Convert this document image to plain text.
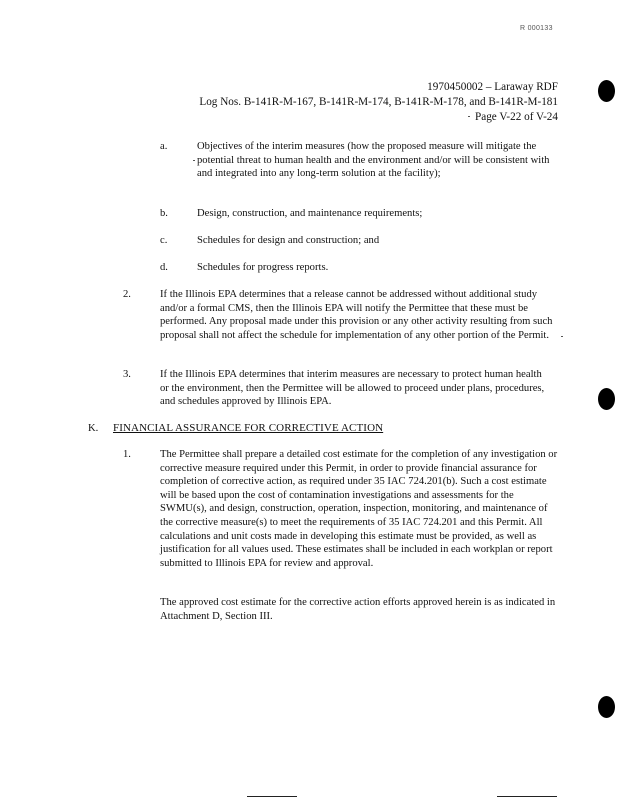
R 000133
1970450002 – Laraway RDF
Log Nos. B-141R-M-167, B-141R-M-174, B-141R-M-178, and B-141R-M-181
Page V-22 of V-24
a.	Objectives of the interim measures (how the proposed measure will mitigate the potential threat to human health and the environment and/or will be consistent with and integrated into any long-term solution at the facility);
b.	Design, construction, and maintenance requirements;
c.	Schedules for design and construction; and
d.	Schedules for progress reports.
2.	If the Illinois EPA determines that a release cannot be addressed without additional study and/or a formal CMS, then the Illinois EPA will notify the Permittee that these must be performed. Any proposal made under this provision or any other activity resulting from such proposal shall not affect the schedule for implementation of any other portion of the Permit.
3.	If the Illinois EPA determines that interim measures are necessary to protect human health or the environment, then the Permittee will be allowed to proceed under plans, procedures, and schedules approved by Illinois EPA.
K. FINANCIAL ASSURANCE FOR CORRECTIVE ACTION
1.	The Permittee shall prepare a detailed cost estimate for the completion of any investigation or corrective measure required under this Permit, in order to provide financial assurance for completion of corrective action, as required under 35 IAC 724.201(b). Such a cost estimate will be based upon the cost of contamination investigations and assessments for the SWMU(s), and design, construction, operation, inspection, monitoring, and maintenance of the corrective measure(s) to meet the requirements of 35 IAC 724.201 and this Permit. All calculations and unit costs made in developing this estimate must be provided, as well as justification for all values used. These estimates shall be included in each workplan or report submitted to Illinois EPA for review and approval.
The approved cost estimate for the corrective action efforts approved herein is as indicated in Attachment D, Section III.
